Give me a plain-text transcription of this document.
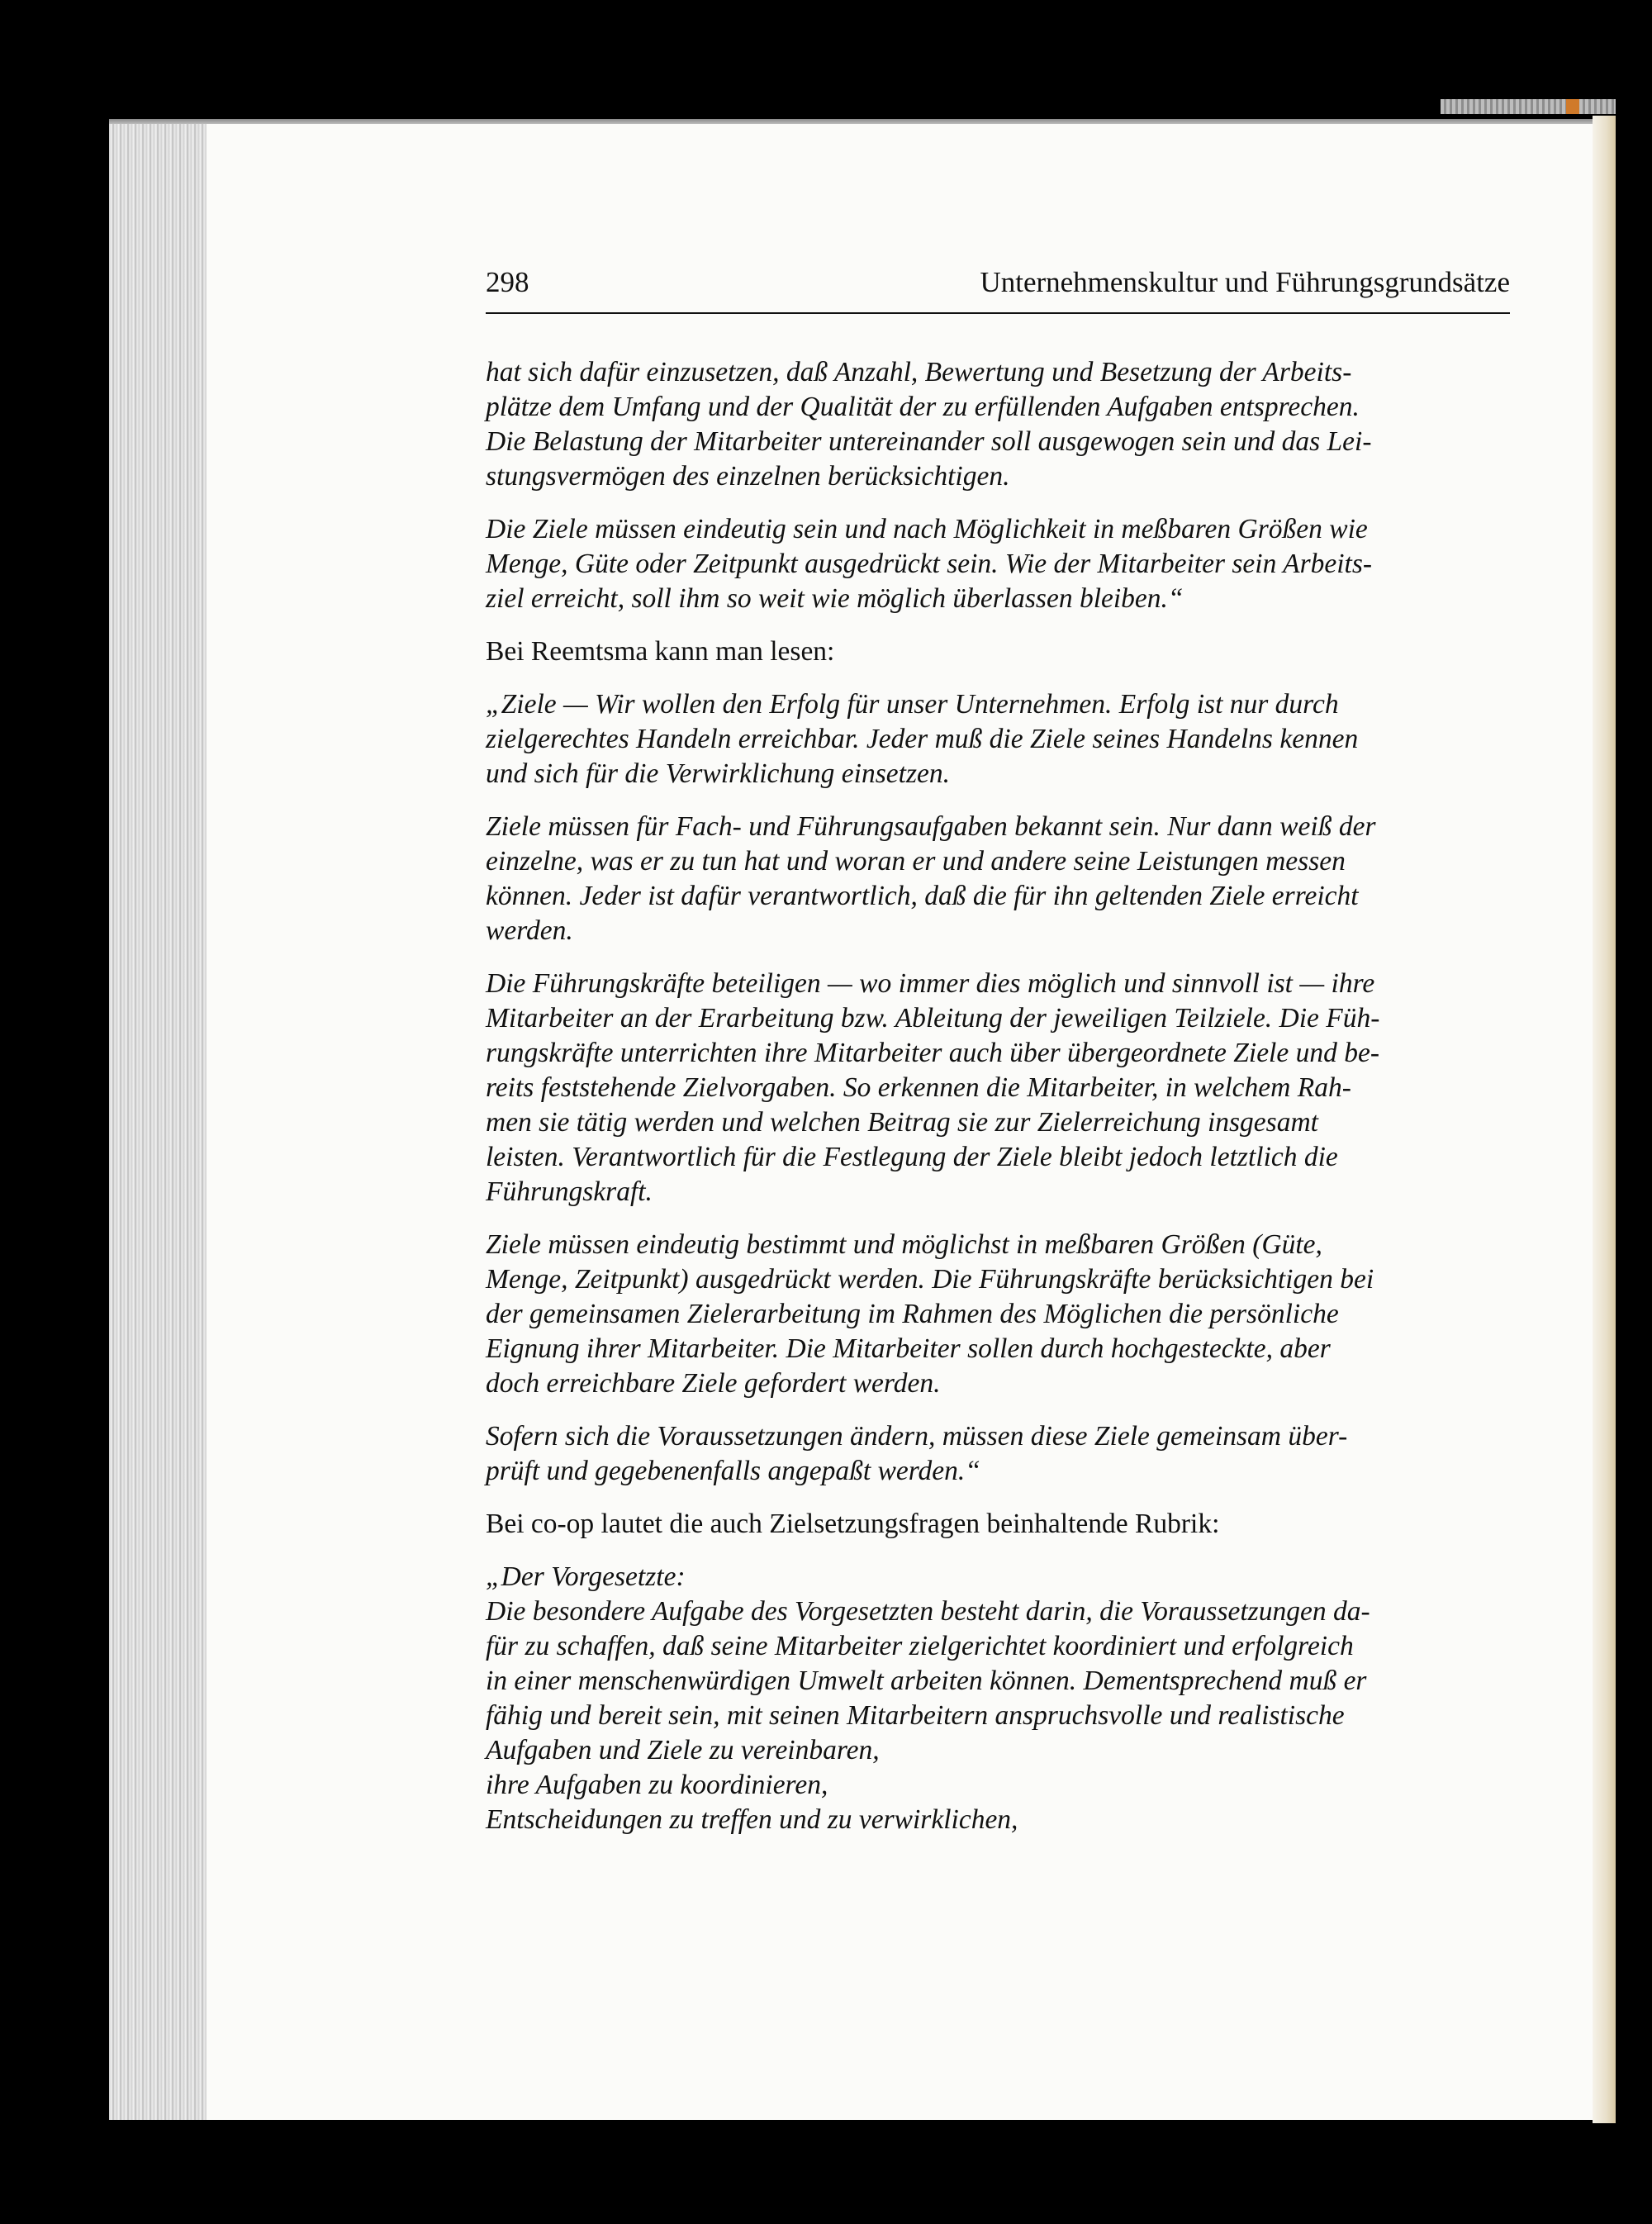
298	Unternehmenskultur und Führungsgrundsätze

hat sich dafür einzusetzen, daß Anzahl, Bewertung und Besetzung der Arbeits-
plätze dem Umfang und der Qualität der zu erfüllenden Aufgaben entsprechen.
Die Belastung der Mitarbeiter untereinander soll ausgewogen sein und das Lei-
stungsvermögen des einzelnen berücksichtigen.

Die Ziele müssen eindeutig sein und nach Möglichkeit in meßbaren Größen wie
Menge, Güte oder Zeitpunkt ausgedrückt sein. Wie der Mitarbeiter sein Arbeits-
ziel erreicht, soll ihm so weit wie möglich überlassen bleiben.“

Bei Reemtsma kann man lesen:

„Ziele — Wir wollen den Erfolg für unser Unternehmen. Erfolg ist nur durch
zielgerechtes Handeln erreichbar. Jeder muß die Ziele seines Handelns kennen
und sich für die Verwirklichung einsetzen.

Ziele müssen für Fach- und Führungsaufgaben bekannt sein. Nur dann weiß der
einzelne, was er zu tun hat und woran er und andere seine Leistungen messen
können. Jeder ist dafür verantwortlich, daß die für ihn geltenden Ziele erreicht
werden.

Die Führungskräfte beteiligen — wo immer dies möglich und sinnvoll ist — ihre
Mitarbeiter an der Erarbeitung bzw. Ableitung der jeweiligen Teilziele. Die Füh-
rungskräfte unterrichten ihre Mitarbeiter auch über übergeordnete Ziele und be-
reits feststehende Zielvorgaben. So erkennen die Mitarbeiter, in welchem Rah-
men sie tätig werden und welchen Beitrag sie zur Zielerreichung insgesamt
leisten. Verantwortlich für die Festlegung der Ziele bleibt jedoch letztlich die
Führungskraft.

Ziele müssen eindeutig bestimmt und möglichst in meßbaren Größen (Güte,
Menge, Zeitpunkt) ausgedrückt werden. Die Führungskräfte berücksichtigen bei
der gemeinsamen Zielerarbeitung im Rahmen des Möglichen die persönliche
Eignung ihrer Mitarbeiter. Die Mitarbeiter sollen durch hochgesteckte, aber
doch erreichbare Ziele gefordert werden.

Sofern sich die Voraussetzungen ändern, müssen diese Ziele gemeinsam über-
prüft und gegebenenfalls angepaßt werden.“

Bei co-op lautet die auch Zielsetzungsfragen beinhaltende Rubrik:

„Der Vorgesetzte:
Die besondere Aufgabe des Vorgesetzten besteht darin, die Voraussetzungen da-
für zu schaffen, daß seine Mitarbeiter zielgerichtet koordiniert und erfolgreich
in einer menschenwürdigen Umwelt arbeiten können. Dementsprechend muß er
fähig und bereit sein, mit seinen Mitarbeitern anspruchsvolle und realistische
Aufgaben und Ziele zu vereinbaren,
ihre Aufgaben zu koordinieren,
Entscheidungen zu treffen und zu verwirklichen,
